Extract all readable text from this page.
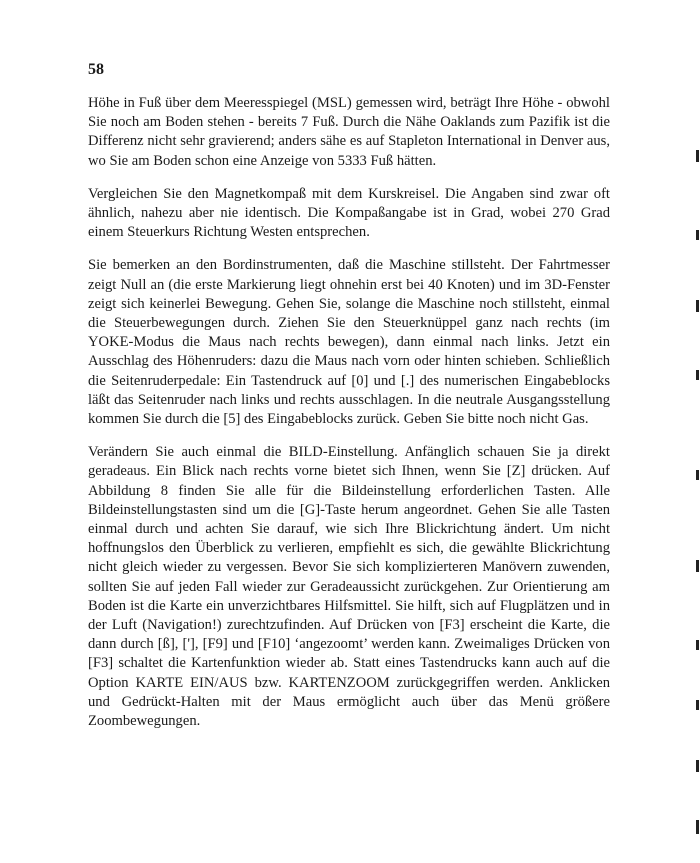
58

Höhe in Fuß über dem Meeresspiegel (MSL) gemessen wird, beträgt Ihre Höhe - obwohl Sie noch am Boden stehen - bereits 7 Fuß. Durch die Nähe Oaklands zum Pazifik ist die Differenz nicht sehr gravierend; anders sähe es auf Stapleton International in Denver aus, wo Sie am Boden schon eine Anzeige von 5333 Fuß hätten.

Vergleichen Sie den Magnetkompaß mit dem Kurskreisel. Die Angaben sind zwar oft ähnlich, nahezu aber nie identisch. Die Kompaßangabe ist in Grad, wobei 270 Grad einem Steuerkurs Richtung Westen entsprechen.

Sie bemerken an den Bordinstrumenten, daß die Maschine stillsteht. Der Fahrtmesser zeigt Null an (die erste Markierung liegt ohnehin erst bei 40 Knoten) und im 3D-Fenster zeigt sich keinerlei Bewegung. Gehen Sie, solange die Maschine noch stillsteht, einmal die Steuerbewegungen durch. Ziehen Sie den Steuerknüppel ganz nach rechts (im YOKE-Modus die Maus nach rechts bewegen), dann einmal nach links. Jetzt ein Ausschlag des Höhenruders: dazu die Maus nach vorn oder hinten schieben. Schließlich die Seitenruderpedale: Ein Tastendruck auf [0] und [.] des numerischen Eingabeblocks läßt das Seitenruder nach links und rechts ausschlagen. In die neutrale Ausgangsstellung kommen Sie durch die [5] des Eingabeblocks zurück. Geben Sie bitte noch nicht Gas.

Verändern Sie auch einmal die BILD-Einstellung. Anfänglich schauen Sie ja direkt geradeaus. Ein Blick nach rechts vorne bietet sich Ihnen, wenn Sie [Z] drücken. Auf Abbildung 8 finden Sie alle für die Bildeinstellung erforderlichen Tasten. Alle Bildeinstellungstasten sind um die [G]-Taste herum angeordnet. Gehen Sie alle Tasten einmal durch und achten Sie darauf, wie sich Ihre Blickrichtung ändert. Um nicht hoffnungslos den Überblick zu verlieren, empfiehlt es sich, die gewählte Blickrichtung nicht gleich wieder zu vergessen. Bevor Sie sich komplizierteren Manövern zuwenden, sollten Sie auf jeden Fall wieder zur Geradeaussicht zurückgehen. Zur Orientierung am Boden ist die Karte ein unverzichtbares Hilfsmittel. Sie hilft, sich auf Flugplätzen und in der Luft (Navigation!) zurechtzufinden. Auf Drücken von [F3] erscheint die Karte, die dann durch [ß], ['], [F9] und [F10] ‘angezoomt’ werden kann. Zweimaliges Drücken von [F3] schaltet die Kartenfunktion wieder ab. Statt eines Tastendrucks kann auch auf die Option KARTE EIN/AUS bzw. KARTENZOOM zurückgegriffen werden. Anklicken und Gedrückt-Halten mit der Maus ermöglicht auch über das Menü größere Zoombewegungen.
